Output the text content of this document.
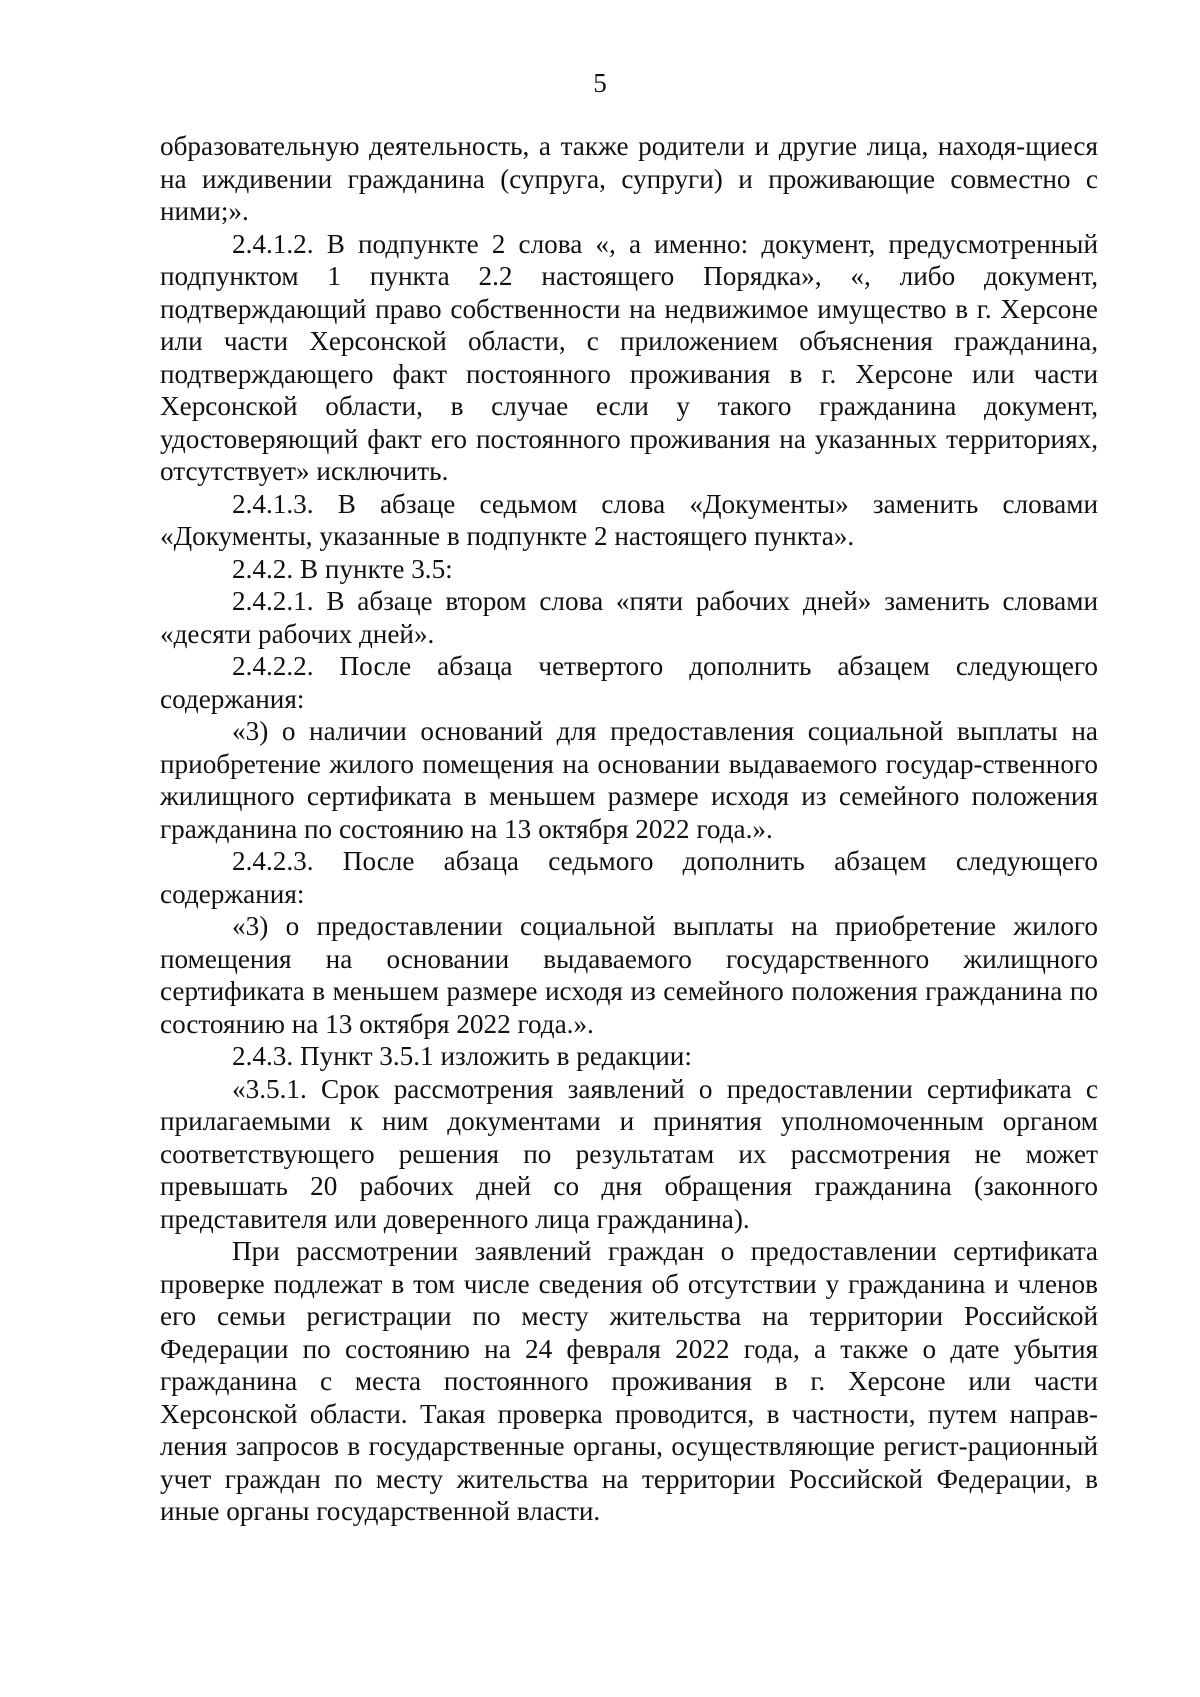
5

образовательную деятельность, а также родители и другие лица, находя-щиеся на иждивении гражданина (супруга, супруги) и проживающие совместно с ними;».

2.4.1.2. В подпункте 2 слова «, а именно: документ, предусмотренный подпунктом 1 пункта 2.2 настоящего Порядка», «, либо документ, подтверждающий право собственности на недвижимое имущество в г. Херсоне или части Херсонской области, с приложением объяснения гражданина, подтверждающего факт постоянного проживания в г. Херсоне или части Херсонской области, в случае если у такого гражданина документ, удостоверяющий факт его постоянного проживания на указанных территориях, отсутствует» исключить.

2.4.1.3. В абзаце седьмом слова «Документы» заменить словами «Документы, указанные в подпункте 2 настоящего пункта».

2.4.2. В пункте 3.5:

2.4.2.1. В абзаце втором слова «пяти рабочих дней» заменить словами «десяти рабочих дней».

2.4.2.2. После абзаца четвертого дополнить абзацем следующего содержания:

«3) о наличии оснований для предоставления социальной выплаты на приобретение жилого помещения на основании выдаваемого государ-ственного жилищного сертификата в меньшем размере исходя из семейного положения гражданина по состоянию на 13 октября 2022 года.».

2.4.2.3. После абзаца седьмого дополнить абзацем следующего содержания:

«3) о предоставлении социальной выплаты на приобретение жилого помещения на основании выдаваемого государственного жилищного сертификата в меньшем размере исходя из семейного положения гражданина по состоянию на 13 октября 2022 года.».

2.4.3. Пункт 3.5.1 изложить в редакции:

«3.5.1. Срок рассмотрения заявлений о предоставлении сертификата с прилагаемыми к ним документами и принятия уполномоченным органом соответствующего решения по результатам их рассмотрения не может превышать 20 рабочих дней со дня обращения гражданина (законного представителя или доверенного лица гражданина).

При рассмотрении заявлений граждан о предоставлении сертификата проверке подлежат в том числе сведения об отсутствии у гражданина и членов его семьи регистрации по месту жительства на территории Российской Федерации по состоянию на 24 февраля 2022 года, а также о дате убытия гражданина с места постоянного проживания в г. Херсоне или части Херсонской области. Такая проверка проводится, в частности, путем направ-ления запросов в государственные органы, осуществляющие регист-рационный учет граждан по месту жительства на территории Российской Федерации, в иные органы государственной власти.
